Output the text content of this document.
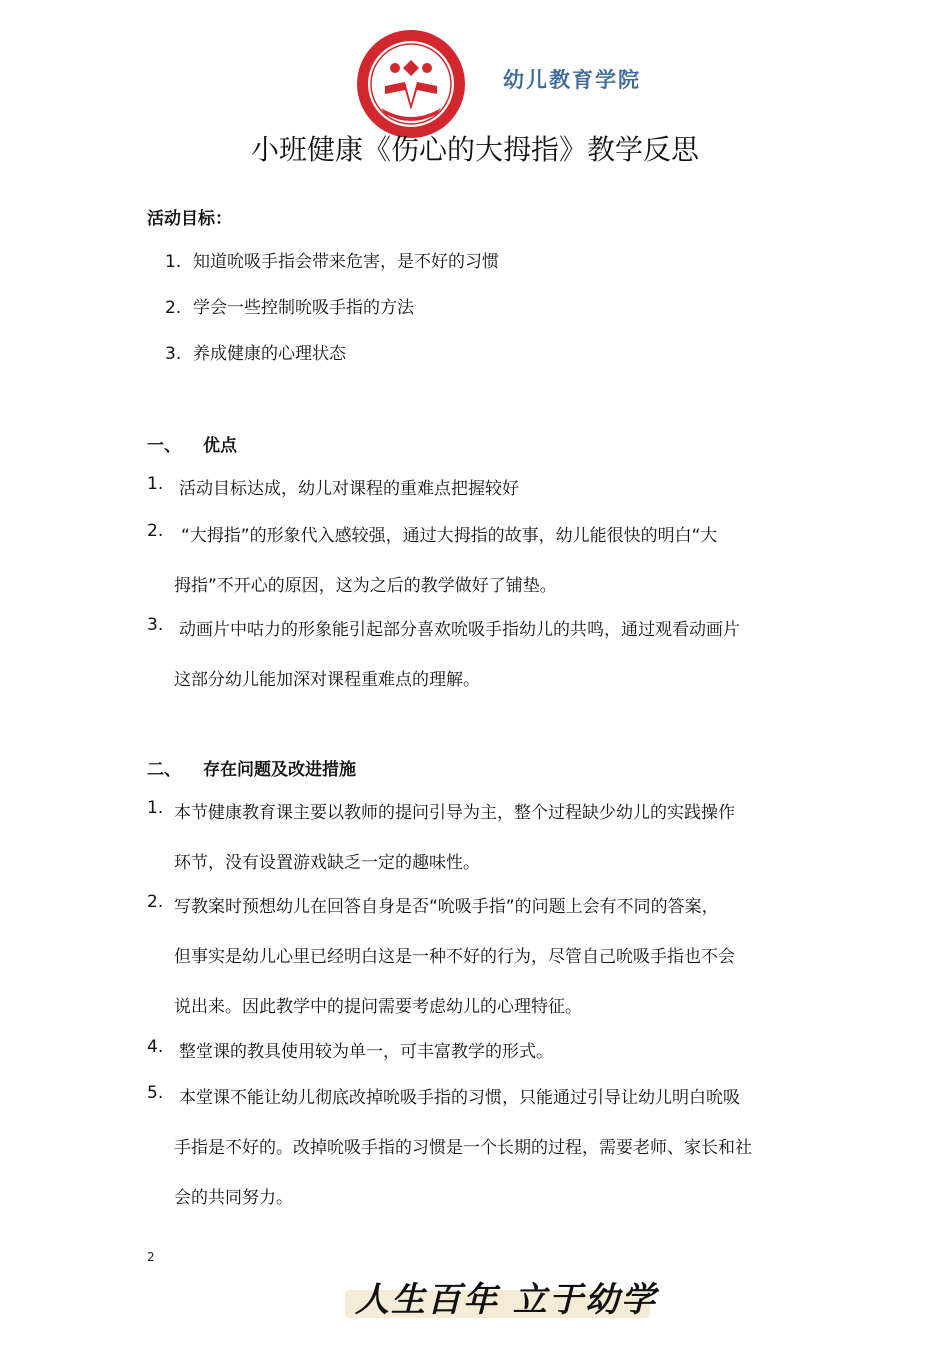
幼儿教育学院
小班健康《伤心的大拇指》教学反思
活动目标：
1. 知道吮吸手指会带来危害，是不好的习惯
2. 学会一些控制吮吸手指的方法
3. 养成健康的心理状态
一、 优点
1. 活动目标达成，幼儿对课程的重难点把握较好
2. “大拇指”的形象代入感较强，通过大拇指的故事，幼儿能很快的明白“大
拇指”不开心的原因，这为之后的教学做好了铺垫。
3. 动画片中咕力的形象能引起部分喜欢吮吸手指幼儿的共鸣，通过观看动画片
这部分幼儿能加深对课程重难点的理解。
二、 存在问题及改进措施
1. 本节健康教育课主要以教师的提问引导为主，整个过程缺少幼儿的实践操作
环节，没有设置游戏缺乏一定的趣味性。
2. 写教案时预想幼儿在回答自身是否“吮吸手指”的问题上会有不同的答案，
但事实是幼儿心里已经明白这是一种不好的行为，尽管自己吮吸手指也不会
说出来。因此教学中的提问需要考虑幼儿的心理特征。
4. 整堂课的教具使用较为单一，可丰富教学的形式。
5. 本堂课不能让幼儿彻底改掉吮吸手指的习惯，只能通过引导让幼儿明白吮吸
手指是不好的。改掉吮吸手指的习惯是一个长期的过程，需要老师、家长和社
会的共同努力。
2
人生百年 立于幼学
